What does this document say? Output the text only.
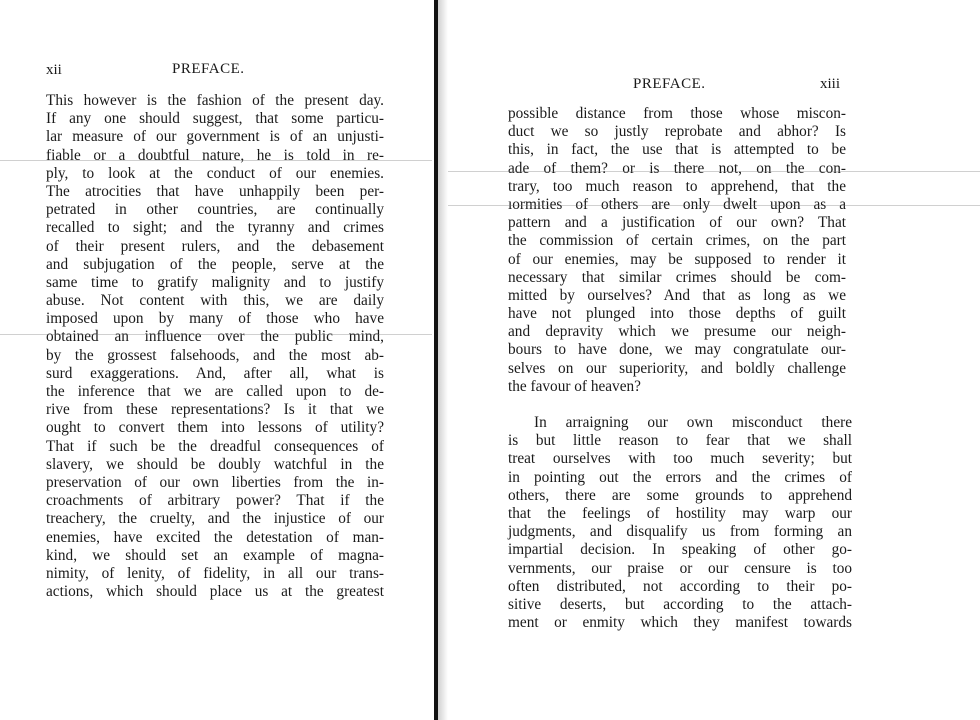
xii	PREFACE.
This however is the fashion of the present day.
If any one should suggest, that some particu-
lar measure of our government is of an unjusti-
fiable or a doubtful nature, he is told in re-
ply, to look at the conduct of our enemies.
The atrocities that have unhappily been per-
petrated in other countries, are continually
recalled to sight; and the tyranny and crimes
of their present rulers, and the debasement
and subjugation of the people, serve at the
same time to gratify malignity and to justify
abuse. Not content with this, we are daily
imposed upon by many of those who have
obtained an influence over the public mind,
by the grossest falsehoods, and the most ab-
surd exaggerations. And, after all, what is
the inference that we are called upon to de-
rive from these representations? Is it that we
ought to convert them into lessons of utility?
That if such be the dreadful consequences of
slavery, we should be doubly watchful in the
preservation of our own liberties from the in-
croachments of arbitrary power? That if the
treachery, the cruelty, and the injustice of our
enemies, have excited the detestation of man-
kind, we should set an example of magna-
nimity, of lenity, of fidelity, in all our trans-
actions, which should place us at the greatest
PREFACE.	xiii
possible distance from those whose miscon-
duct we so justly reprobate and abhor? Is
this, in fact, the use that is attempted to be
ade of them? or is there not, on the con-
trary, too much reason to apprehend, that the
ıormities of others are only dwelt upon as a
pattern and a justification of our own? That
the commission of certain crimes, on the part
of our enemies, may be supposed to render it
necessary that similar crimes should be com-
mitted by ourselves? And that as long as we
have not plunged into those depths of guilt
and depravity which we presume our neigh-
bours to have done, we may congratulate our-
selves on our superiority, and boldly challenge
the favour of heaven?
In arraigning our own misconduct there
is but little reason to fear that we shall
treat ourselves with too much severity; but
in pointing out the errors and the crimes of
others, there are some grounds to apprehend
that the feelings of hostility may warp our
judgments, and disqualify us from forming an
impartial decision. In speaking of other go-
vernments, our praise or our censure is too
often distributed, not according to their po-
sitive deserts, but according to the attach-
ment or enmity which they manifest towards
